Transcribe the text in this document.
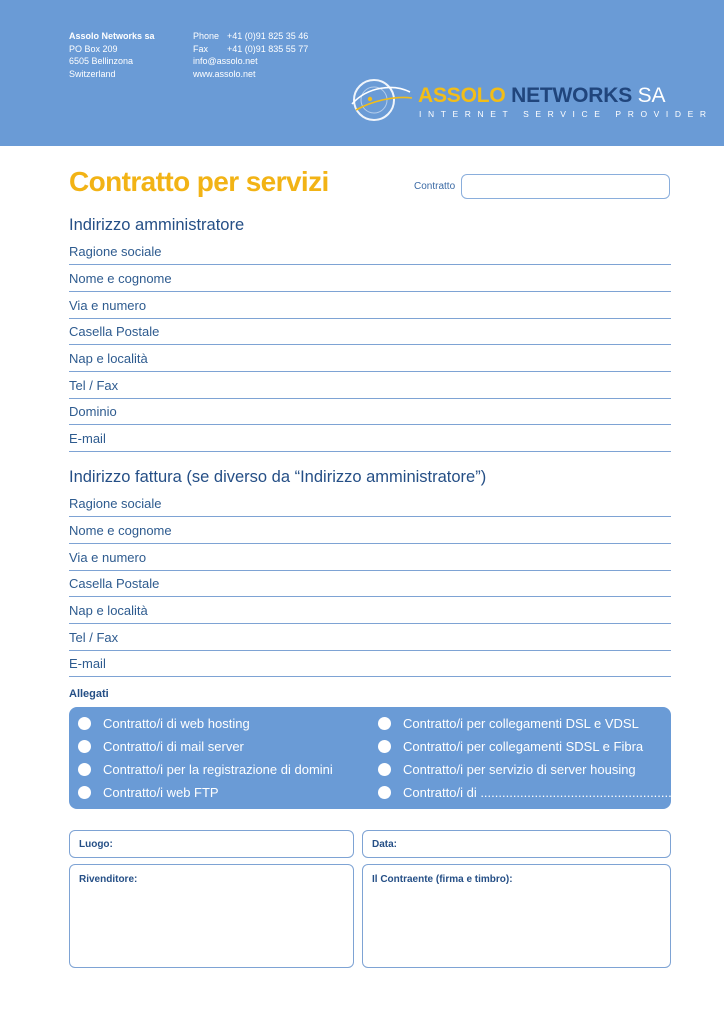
Assolo Networks sa
PO Box 209
6505 Bellinzona
Switzerland
Phone +41 (0)91 825 35 46
Fax	+41 (0)91 835 55 77
info@assolo.net
www.assolo.net
ASSOLO NETWORKS SA
INTERNET SERVICE PROVIDER
Contratto per servizi	Contratto
Indirizzo amministratore
Ragione sociale
Nome e cognome
Via e numero
Casella Postale
Nap e località
Tel / Fax
Dominio
E-mail
Indirizzo fattura (se diverso da “Indirizzo amministratore”)
Ragione sociale
Nome e cognome
Via e numero
Casella Postale
Nap e località
Tel / Fax
E-mail
Allegati
Contratto/i di web hosting
Contratto/i di mail server
Contratto/i per la registrazione di domini
Contratto/i web FTP
Contratto/i per collegamenti DSL e VDSL
Contratto/i per collegamenti SDSL e Fibra
Contratto/i per servizio di server housing
Contratto/i di ......................................................
Luogo:	Data:
Rivenditore:	Il Contraente (firma e timbro):
